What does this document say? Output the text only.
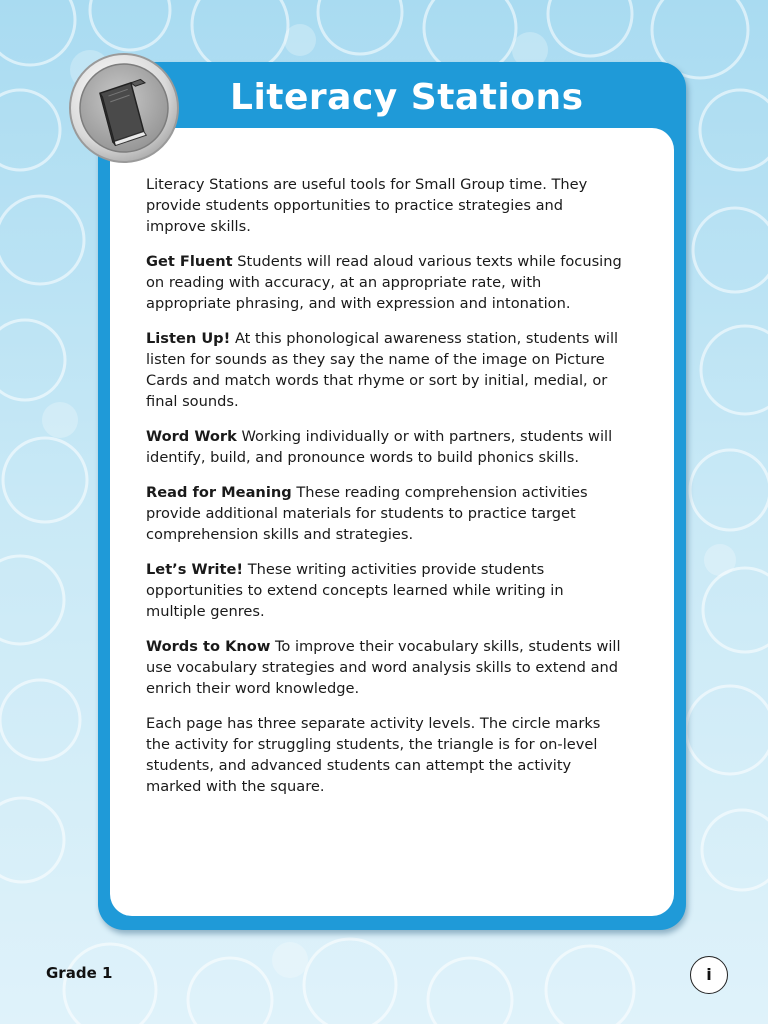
Literacy Stations

Literacy Stations are useful tools for Small Group time. They provide students opportunities to practice strategies and improve skills.

Get Fluent Students will read aloud various texts while focusing on reading with accuracy, at an appropriate rate, with appropriate phrasing, and with expression and intonation.

Listen Up! At this phonological awareness station, students will listen for sounds as they say the name of the image on Picture Cards and match words that rhyme or sort by initial, medial, or final sounds.

Word Work Working individually or with partners, students will identify, build, and pronounce words to build phonics skills.

Read for Meaning These reading comprehension activities provide additional materials for students to practice target comprehension skills and strategies.

Let’s Write! These writing activities provide students opportunities to extend concepts learned while writing in multiple genres.

Words to Know To improve their vocabulary skills, students will use vocabulary strategies and word analysis skills to extend and enrich their word knowledge.

Each page has three separate activity levels. The circle marks the activity for struggling students, the triangle is for on-level students, and advanced students can attempt the activity marked with the square.

Grade 1	i
